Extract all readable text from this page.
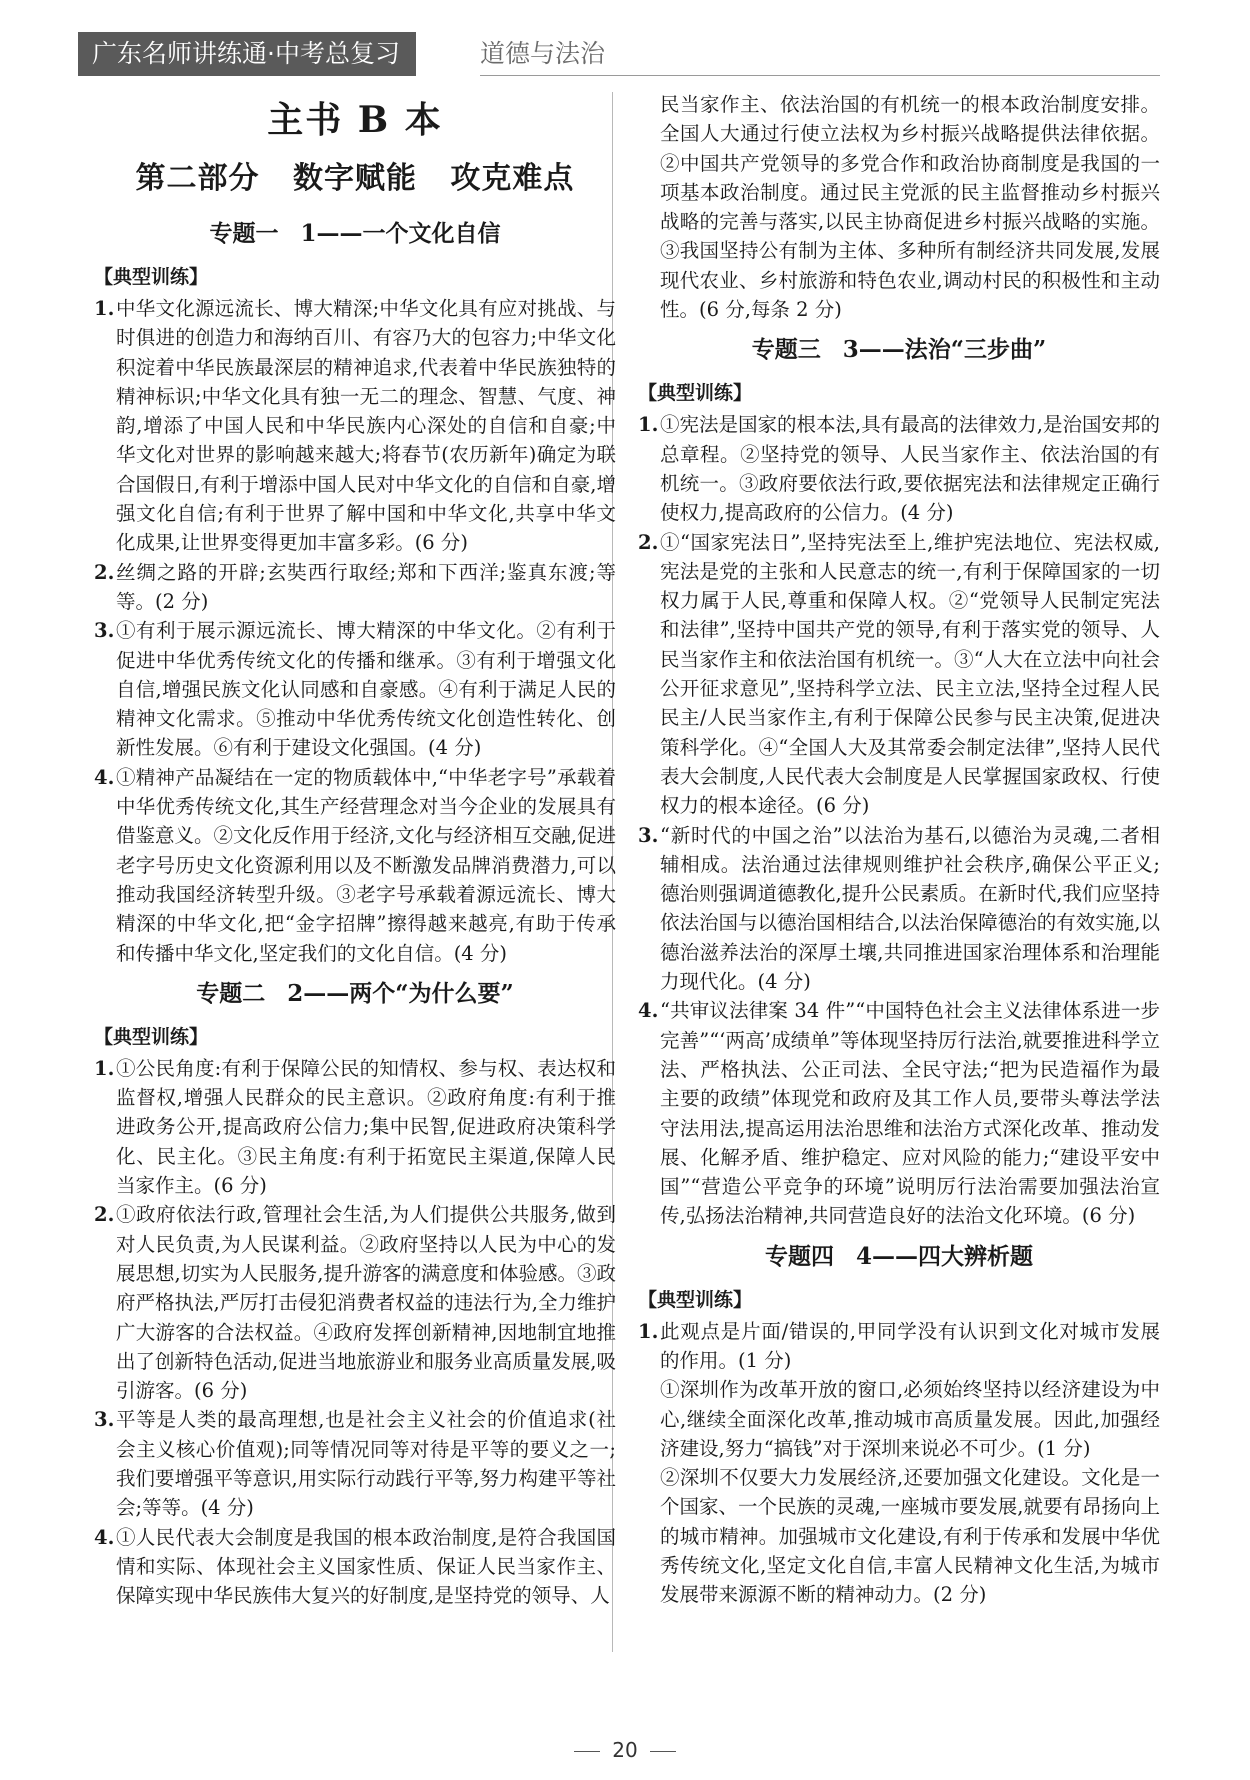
广东名师讲练通·中考总复习	道德与法治
主书 B 本
第二部分 数字赋能 攻克难点
专题一 1——一个文化自信
【典型训练】

1. 中华文化源远流长、博大精深;中华文化具有应对挑战、与时俱进的创造力和海纳百川、有容乃大的包容力;中华文化积淀着中华民族最深层的精神追求,代表着中华民族独特的精神标识;中华文化具有独一无二的理念、智慧、气度、神韵,增添了中国人民和中华民族内心深处的自信和自豪;中华文化对世界的影响越来越大;将春节(农历新年)确定为联合国假日,有利于增添中国人民对中华文化的自信和自豪,增强文化自信;有利于世界了解中国和中华文化,共享中华文化成果,让世界变得更加丰富多彩。(6 分)

2. 丝绸之路的开辟;玄奘西行取经;郑和下西洋;鉴真东渡;等等。(2 分)

3. ①有利于展示源远流长、博大精深的中华文化。②有利于促进中华优秀传统文化的传播和继承。③有利于增强文化自信,增强民族文化认同感和自豪感。④有利于满足人民的精神文化需求。⑤推动中华优秀传统文化创造性转化、创新性发展。⑥有利于建设文化强国。(4 分)

4. ①精神产品凝结在一定的物质载体中,“中华老字号”承载着中华优秀传统文化,其生产经营理念对当今企业的发展具有借鉴意义。②文化反作用于经济,文化与经济相互交融,促进老字号历史文化资源利用以及不断激发品牌消费潜力,可以推动我国经济转型升级。③老字号承载着源远流长、博大精深的中华文化,把“金字招牌”擦得越来越亮,有助于传承和传播中华文化,坚定我们的文化自信。(4 分)

专题二 2——两个“为什么要”
【典型训练】

1. ①公民角度:有利于保障公民的知情权、参与权、表达权和监督权,增强人民群众的民主意识。②政府角度:有利于推进政务公开,提高政府公信力;集中民智,促进政府决策科学化、民主化。③民主角度:有利于拓宽民主渠道,保障人民当家作主。(6 分)

2. ①政府依法行政,管理社会生活,为人们提供公共服务,做到对人民负责,为人民谋利益。②政府坚持以人民为中心的发展思想,切实为人民服务,提升游客的满意度和体验感。③政府严格执法,严厉打击侵犯消费者权益的违法行为,全力维护广大游客的合法权益。④政府发挥创新精神,因地制宜地推出了创新特色活动,促进当地旅游业和服务业高质量发展,吸引游客。(6 分)

3. 平等是人类的最高理想,也是社会主义社会的价值追求(社会主义核心价值观);同等情况同等对待是平等的要义之一;我们要增强平等意识,用实际行动践行平等,努力构建平等社会;等等。(4 分)

4. ①人民代表大会制度是我国的根本政治制度,是符合我国国情和实际、体现社会主义国家性质、保证人民当家作主、保障实现中华民族伟大复兴的好制度,是坚持党的领导、人

民当家作主、依法治国的有机统一的根本政治制度安排。全国人大通过行使立法权为乡村振兴战略提供法律依据。②中国共产党领导的多党合作和政治协商制度是我国的一项基本政治制度。通过民主党派的民主监督推动乡村振兴战略的完善与落实,以民主协商促进乡村振兴战略的实施。③我国坚持公有制为主体、多种所有制经济共同发展,发展现代农业、乡村旅游和特色农业,调动村民的积极性和主动性。(6 分,每条 2 分)

专题三 3——法治“三步曲”
【典型训练】

1. ①宪法是国家的根本法,具有最高的法律效力,是治国安邦的总章程。②坚持党的领导、人民当家作主、依法治国的有机统一。③政府要依法行政,要依据宪法和法律规定正确行使权力,提高政府的公信力。(4 分)

2. ①“国家宪法日”,坚持宪法至上,维护宪法地位、宪法权威,宪法是党的主张和人民意志的统一,有利于保障国家的一切权力属于人民,尊重和保障人权。②“党领导人民制定宪法和法律”,坚持中国共产党的领导,有利于落实党的领导、人民当家作主和依法治国有机统一。③“人大在立法中向社会公开征求意见”,坚持科学立法、民主立法,坚持全过程人民民主/人民当家作主,有利于保障公民参与民主决策,促进决策科学化。④“全国人大及其常委会制定法律”,坚持人民代表大会制度,人民代表大会制度是人民掌握国家政权、行使权力的根本途径。(6 分)

3. “新时代的中国之治”以法治为基石,以德治为灵魂,二者相辅相成。法治通过法律规则维护社会秩序,确保公平正义;德治则强调道德教化,提升公民素质。在新时代,我们应坚持依法治国与以德治国相结合,以法治保障德治的有效实施,以德治滋养法治的深厚土壤,共同推进国家治理体系和治理能力现代化。(4 分)

4. “共审议法律案 34 件”“中国特色社会主义法律体系进一步完善”“‘两高’成绩单”等体现坚持厉行法治,就要推进科学立法、严格执法、公正司法、全民守法;“把为民造福作为最主要的政绩”体现党和政府及其工作人员,要带头尊法学法守法用法,提高运用法治思维和法治方式深化改革、推动发展、化解矛盾、维护稳定、应对风险的能力;“建设平安中国”“营造公平竞争的环境”说明厉行法治需要加强法治宣传,弘扬法治精神,共同营造良好的法治文化环境。(6 分)

专题四 4——四大辨析题
【典型训练】

1. 此观点是片面/错误的,甲同学没有认识到文化对城市发展的作用。(1 分)

①深圳作为改革开放的窗口,必须始终坚持以经济建设为中心,继续全面深化改革,推动城市高质量发展。因此,加强经济建设,努力“搞钱”对于深圳来说必不可少。(1 分)

②深圳不仅要大力发展经济,还要加强文化建设。文化是一个国家、一个民族的灵魂,一座城市要发展,就要有昂扬向上的城市精神。加强城市文化建设,有利于传承和发展中华优秀传统文化,坚定文化自信,丰富人民精神文化生活,为城市发展带来源源不断的精神动力。(2 分)

20
